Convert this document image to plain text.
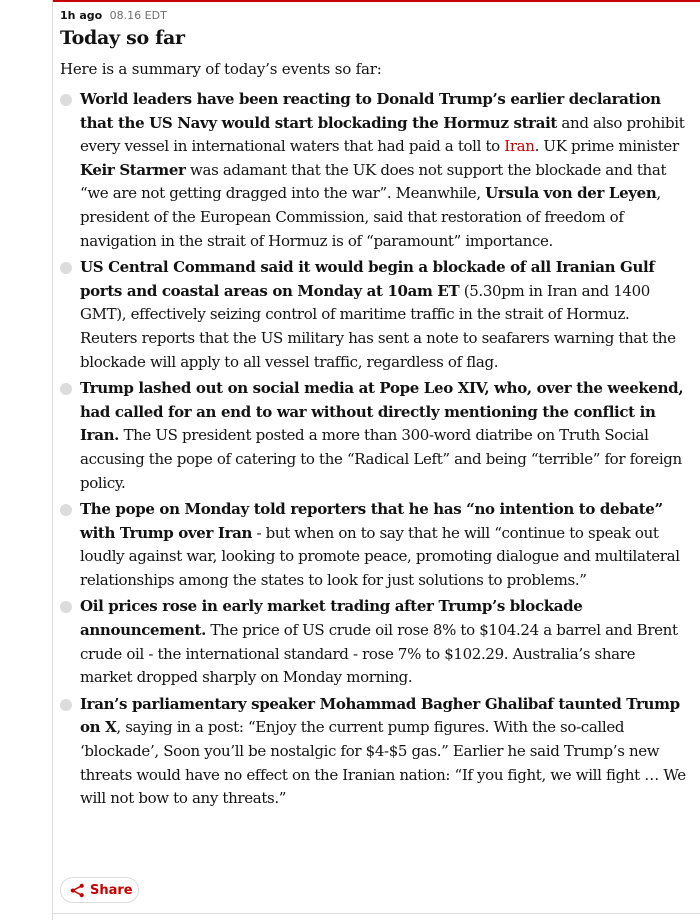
1h ago 08.16 EDT
Today so far

Here is a summary of today’s events so far:

World leaders have been reacting to Donald Trump’s earlier declaration that the US Navy would start blockading the Hormuz strait and also prohibit every vessel in international waters that had paid a toll to Iran. UK prime minister Keir Starmer was adamant that the UK does not support the blockade and that “we are not getting dragged into the war”. Meanwhile, Ursula von der Leyen, president of the European Commission, said that restoration of freedom of navigation in the strait of Hormuz is of “paramount” importance.
US Central Command said it would begin a blockade of all Iranian Gulf ports and coastal areas on Monday at 10am ET (5.30pm in Iran and 1400 GMT), effectively seizing control of maritime traffic in the strait of Hormuz. Reuters reports that the US military has sent a note to seafarers warning that the blockade will apply to all vessel traffic, regardless of flag.
Trump lashed out on social media at Pope Leo XIV, who, over the weekend, had called for an end to war without directly mentioning the conflict in Iran. The US president posted a more than 300-word diatribe on Truth Social accusing the pope of catering to the “Radical Left” and being “terrible” for foreign policy.
The pope on Monday told reporters that he has “no intention to debate” with Trump over Iran - but when on to say that he will “continue to speak out loudly against war, looking to promote peace, promoting dialogue and multilateral relationships among the states to look for just solutions to problems.”
Oil prices rose in early market trading after Trump’s blockade announcement. The price of US crude oil rose 8% to $104.24 a barrel and Brent crude oil - the international standard - rose 7% to $102.29. Australia’s share market dropped sharply on Monday morning.
Iran’s parliamentary speaker Mohammad Bagher Ghalibaf taunted Trump on X, saying in a post: “Enjoy the current pump figures. With the so-called ‘blockade’, Soon you’ll be nostalgic for $4-$5 gas.” Earlier he said Trump’s new threats would have no effect on the Iranian nation: “If you fight, we will fight … We will not bow to any threats.”
Share
